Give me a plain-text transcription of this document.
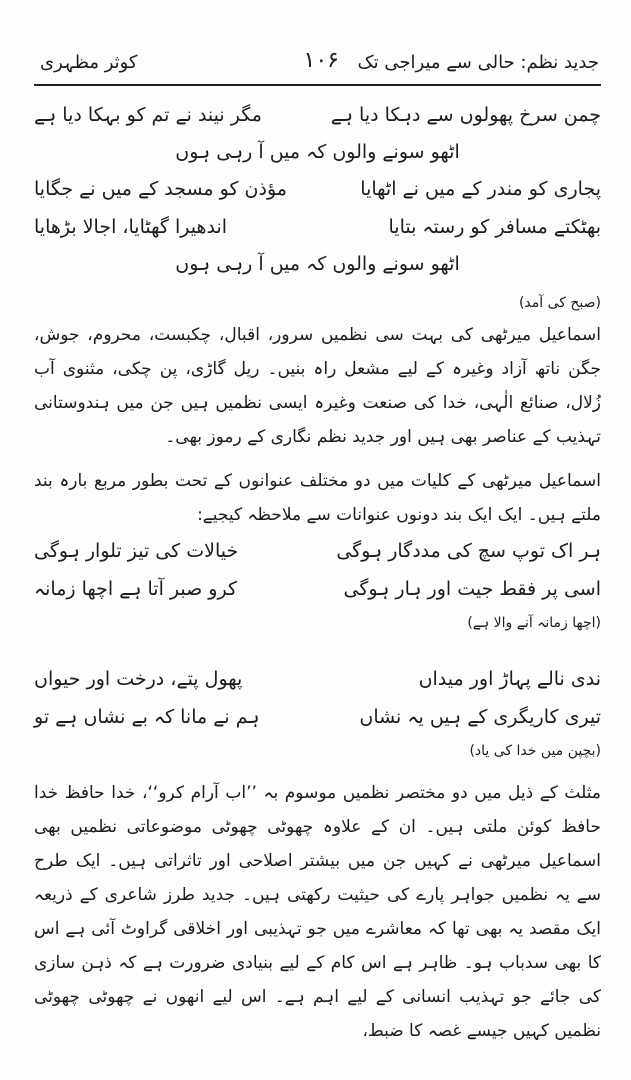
جدید نظم: حالی سے میراجی تک
۱۰۶
کوثر مظہری
چمن سرخ پھولوں سے دہکا دیا ہے
مگر نیند نے تم کو بہکا دیا ہے
اٹھو سونے والوں کہ میں آ رہی ہوں
پجاری کو مندر کے میں نے اٹھایا
مؤذن کو مسجد کے میں نے جگایا
بھٹکتے مسافر کو رستہ بتایا
اندھیرا گھٹایا، اجالا بڑھایا
اٹھو سونے والوں کہ میں آ رہی ہوں
(صبح کی آمد)
اسماعیل میرٹھی کی بہت سی نظمیں سرور، اقبال، چکبست، محروم، جوش، جگن ناتھ آزاد وغیرہ کے لیے مشعل راہ بنیں۔ ریل گاڑی، پن چکی، مثنوی آب زُلال، صنائع الٰہی، خدا کی صنعت وغیرہ ایسی نظمیں ہیں جن میں ہندوستانی تہذیب کے عناصر بھی ہیں اور جدید نظم نگاری کے رموز بھی۔
اسماعیل میرٹھی کے کلیات میں دو مختلف عنوانوں کے تحت بطور مربع بارہ بند ملتے ہیں۔ ایک ایک بند دونوں عنوانات سے ملاحظہ کیجیے:
ہر اک توپ سچ کی مددگار ہوگی
خیالات کی تیز تلوار ہوگی
اسی پر فقط جیت اور ہار ہوگی
کرو صبر آتا ہے اچھا زمانہ
(اچھا زمانہ آنے والا ہے)
ندی نالے پہاڑ اور میداں
پھول پتے، درخت اور حیواں
تیری کاریگری کے ہیں یہ نشاں
ہم نے مانا کہ بے نشاں ہے تو
(بچپن میں خدا کی یاد)
مثلث کے ذیل میں دو مختصر نظمیں موسوم بہ ’’اب آرام کرو‘‘، خدا حافظ خدا حافظ کوئن ملتی ہیں۔ ان کے علاوہ چھوٹی چھوٹی موضوعاتی نظمیں بھی اسماعیل میرٹھی نے کہیں جن میں بیشتر اصلاحی اور تاثراتی ہیں۔ ایک طرح سے یہ نظمیں جواہر پارے کی حیثیت رکھتی ہیں۔ جدید طرز شاعری کے ذریعہ ایک مقصد یہ بھی تھا کہ معاشرے میں جو تہذیبی اور اخلاقی گراوٹ آئی ہے اس کا بھی سدباب ہو۔ ظاہر ہے اس کام کے لیے بنیادی ضرورت ہے کہ ذہن سازی کی جائے جو تہذیب انسانی کے لیے اہم ہے۔ اس لیے انھوں نے چھوٹی چھوٹی نظمیں کہیں جیسے غصہ کا ضبط،
